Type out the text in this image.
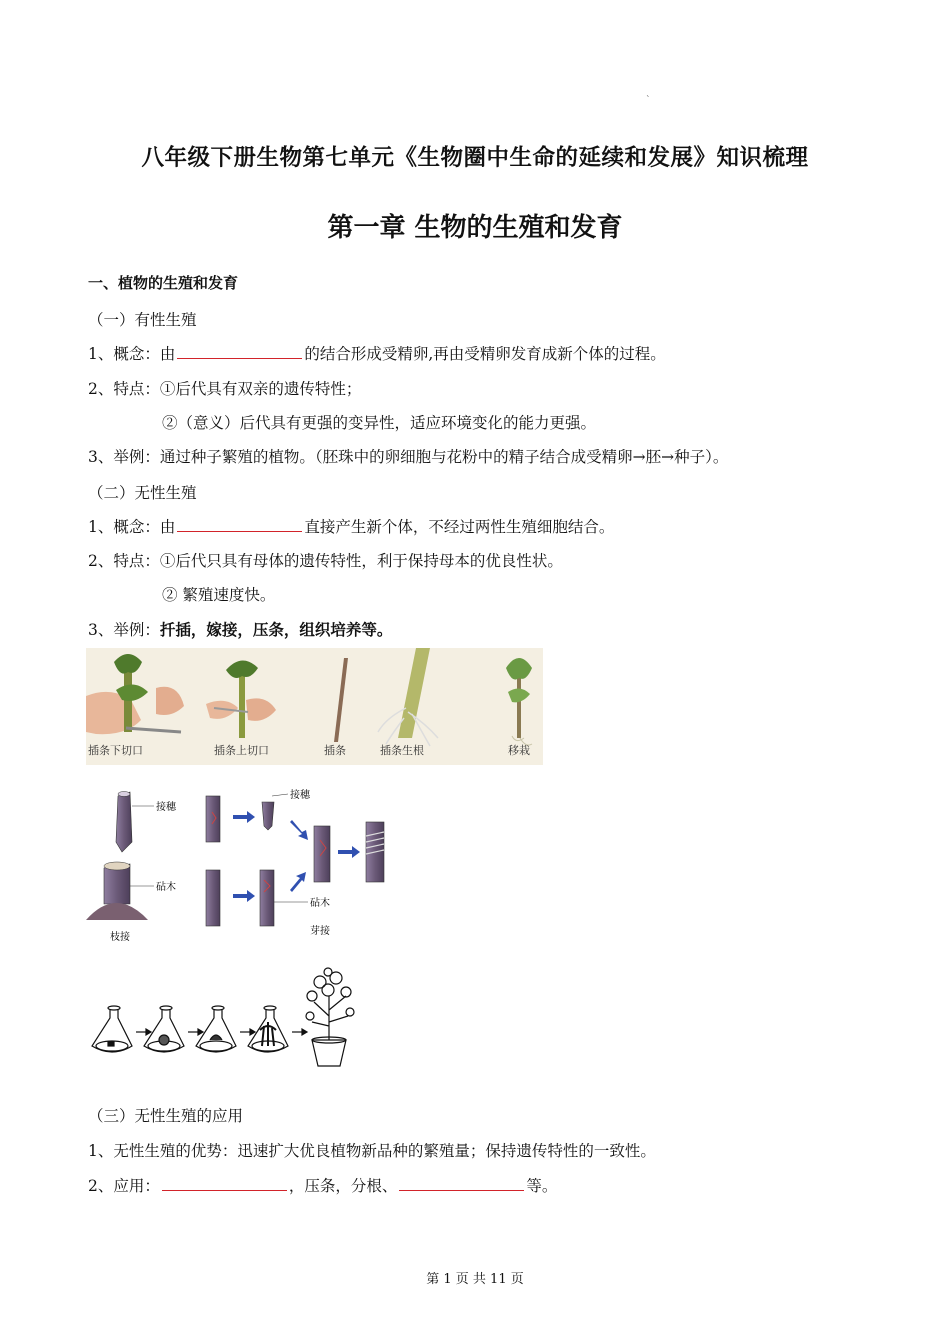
`
八年级下册生物第七单元《生物圈中生命的延续和发展》知识梳理
第一章 生物的生殖和发育
一、植物的生殖和发育
（一）有性生殖
1、概念：由	的结合形成受精卵,再由受精卵发育成新个体的过程。
2、特点：①后代具有双亲的遗传特性；
②（意义）后代具有更强的变异性，适应环境变化的能力更强。
3、举例：通过种子繁殖的植物。（胚珠中的卵细胞与花粉中的精子结合成受精卵→胚→种子）。
（二）无性生殖
1、概念：由	直接产生新个体，不经过两性生殖细胞结合。
2、特点：①后代只具有母体的遗传特性，利于保持母本的优良性状。
② 繁殖速度快。
3、举例：扦插，嫁接，压条，组织培养等。
插条下切口	插条上切口	插条	插条生根	移栽
接穗
砧木
枝接
接穗
砧木
芽接
（三）无性生殖的应用
1、无性生殖的优势：迅速扩大优良植物新品种的繁殖量；保持遗传特性的一致性。
2、应用：	，压条，分根、	等。
第 1 页 共 11 页
